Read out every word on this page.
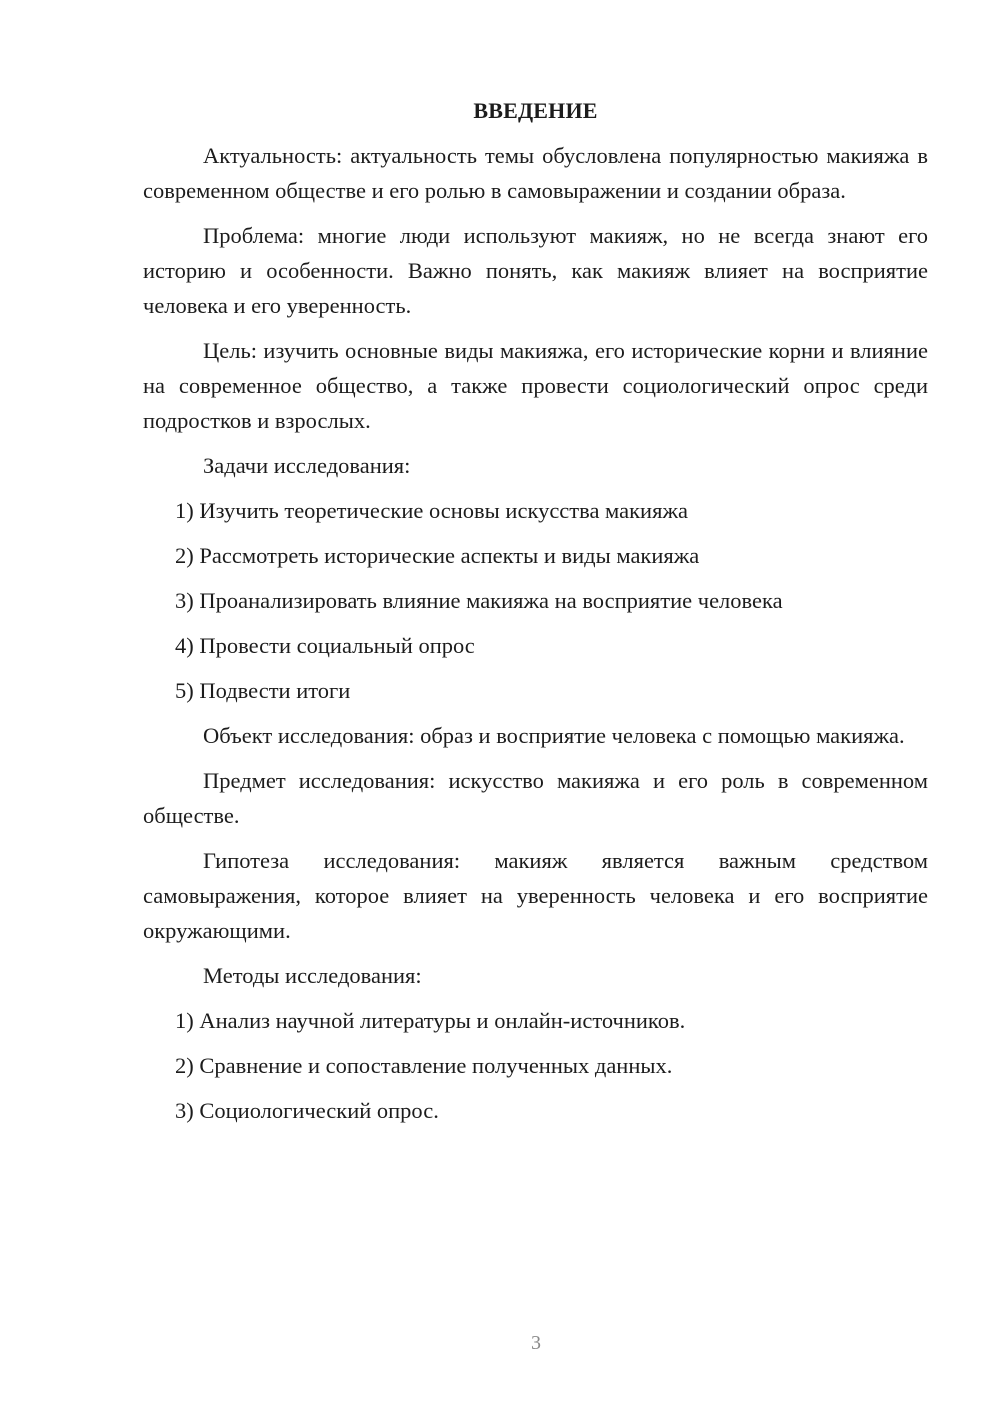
ВВЕДЕНИЕ

Актуальность: актуальность темы обусловлена популярностью макияжа в современном обществе и его ролью в самовыражении и создании образа.

Проблема: многие люди используют макияж, но не всегда знают его историю и особенности. Важно понять, как макияж влияет на восприятие человека и его уверенность.

Цель: изучить основные виды макияжа, его исторические корни и влияние на современное общество, а также провести социологический опрос среди подростков и взрослых.

Задачи исследования:

1) Изучить теоретические основы искусства макияжа
2) Рассмотреть исторические аспекты и виды макияжа
3) Проанализировать влияние макияжа на восприятие человека
4) Провести социальный опрос
5) Подвести итоги

Объект исследования: образ и восприятие человека с помощью макияжа.

Предмет исследования: искусство макияжа и его роль в современном обществе.

Гипотеза исследования: макияж является важным средством самовыражения, которое влияет на уверенность человека и его восприятие окружающими.

Методы исследования:

1) Анализ научной литературы и онлайн-источников.
2) Сравнение и сопоставление полученных данных.
3) Социологический опрос.
3
